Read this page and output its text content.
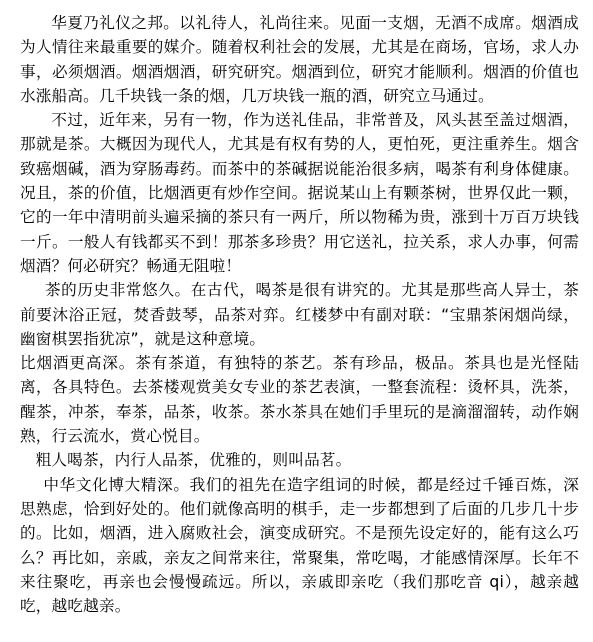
华夏乃礼仪之邦。以礼待人，礼尚往来。见面一支烟，无酒不成席。烟酒成为人情往来最重要的媒介。随着权利社会的发展，尤其是在商场，官场，求人办事，必须烟酒。烟酒烟酒，研究研究。烟酒到位，研究才能顺利。烟酒的价值也水涨船高。几千块钱一条的烟，几万块钱一瓶的酒，研究立马通过。

不过，近年来，另有一物，作为送礼佳品，非常普及，风头甚至盖过烟酒，那就是茶。大概因为现代人，尤其是有权有势的人，更怕死，更注重养生。烟含致癌烟碱，酒为穿肠毒药。而茶中的茶碱据说能治很多病，喝茶有利身体健康。况且，茶的价值，比烟酒更有炒作空间。据说某山上有颗茶树，世界仅此一颗，它的一年中清明前头遍采摘的茶只有一两斤，所以物稀为贵，涨到十万百万块钱一斤。一般人有钱都买不到！那茶多珍贵？用它送礼，拉关系，求人办事，何需烟酒？何必研究？畅通无阻啦！

茶的历史非常悠久。在古代，喝茶是很有讲究的。尤其是那些高人异士，茶前要沐浴正冠，焚香鼓琴，品茶对弈。红楼梦中有副对联：“宝鼎茶闲烟尚绿，幽窗棋罢指犹凉”，就是这种意境。

比烟酒更高深。茶有茶道，有独特的茶艺。茶有珍品，极品。茶具也是光怪陆离，各具特色。去茶楼观赏美女专业的茶艺表演，一整套流程：烫杯具，洗茶，醒茶，冲茶，奉茶，品茶，收茶。茶水茶具在她们手里玩的是滴溜溜转，动作娴熟，行云流水，赏心悦目。

粗人喝茶，内行人品茶，优雅的，则叫品茗。

中华文化博大精深。我们的祖先在造字组词的时候，都是经过千锤百炼，深思熟虑，恰到好处的。他们就像高明的棋手，走一步都想到了后面的几步几十步的。比如，烟酒，进入腐败社会，演变成研究。不是预先设定好的，能有这么巧么？再比如，亲戚，亲友之间常来往，常聚集，常吃喝，才能感情深厚。长年不来往聚吃，再亲也会慢慢疏远。所以，亲戚即亲吃（我们那吃音 qi），越亲越吃，越吃越亲。
